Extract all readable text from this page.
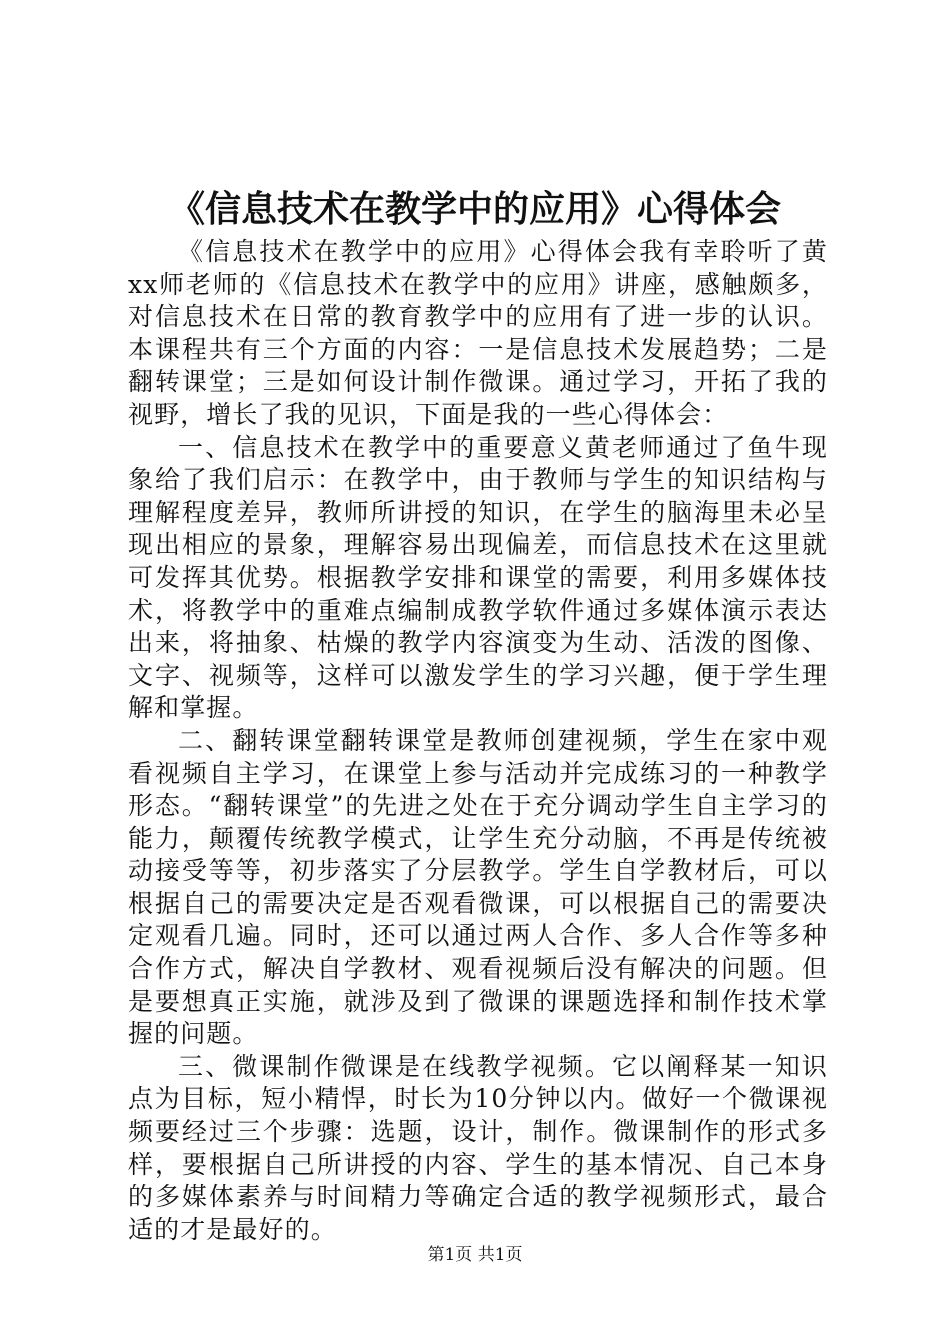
《信息技术在教学中的应用》心得体会

《信息技术在教学中的应用》心得体会我有幸聆听了黄xx师老师的《信息技术在教学中的应用》讲座，感触颇多，对信息技术在日常的教育教学中的应用有了进一步的认识。本课程共有三个方面的内容：一是信息技术发展趋势；二是翻转课堂；三是如何设计制作微课。通过学习，开拓了我的视野，增长了我的见识，下面是我的一些心得体会：

一、信息技术在教学中的重要意义黄老师通过了鱼牛现象给了我们启示：在教学中，由于教师与学生的知识结构与理解程度差异，教师所讲授的知识，在学生的脑海里未必呈现出相应的景象，理解容易出现偏差，而信息技术在这里就可发挥其优势。根据教学安排和课堂的需要，利用多媒体技术，将教学中的重难点编制成教学软件通过多媒体演示表达出来，将抽象、枯燥的教学内容演变为生动、活泼的图像、文字、视频等，这样可以激发学生的学习兴趣，便于学生理解和掌握。

二、翻转课堂翻转课堂是教师创建视频，学生在家中观看视频自主学习，在课堂上参与活动并完成练习的一种教学形态。“翻转课堂”的先进之处在于充分调动学生自主学习的能力，颠覆传统教学模式，让学生充分动脑，不再是传统被动接受等等，初步落实了分层教学。学生自学教材后，可以根据自己的需要决定是否观看微课，可以根据自己的需要决定观看几遍。同时，还可以通过两人合作、多人合作等多种合作方式，解决自学教材、观看视频后没有解决的问题。但是要想真正实施，就涉及到了微课的课题选择和制作技术掌握的问题。

三、微课制作微课是在线教学视频。它以阐释某一知识点为目标，短小精悍，时长为10分钟以内。做好一个微课视频要经过三个步骤：选题，设计，制作。微课制作的形式多样，要根据自己所讲授的内容、学生的基本情况、自己本身的多媒体素养与时间精力等确定合适的教学视频形式，最合适的才是最好的。

第1页 共1页
